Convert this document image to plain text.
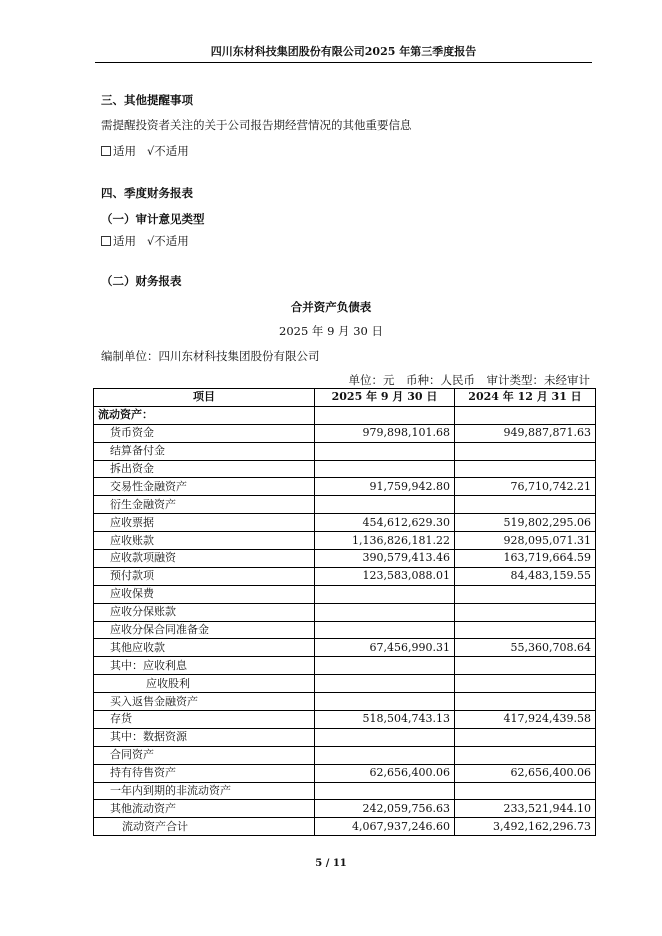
四川东材科技集团股份有限公司2025 年第三季度报告
三、其他提醒事项
需提醒投资者关注的关于公司报告期经营情况的其他重要信息
适用 √不适用
四、季度财务报表
（一）审计意见类型
适用 √不适用
（二）财务报表
合并资产负债表
2025 年 9 月 30 日
编制单位：四川东材科技集团股份有限公司
单位：元　币种：人民币　审计类型：未经审计
项目	2025 年 9 月 30 日	2024 年 12 月 31 日
流动资产：		
货币资金	979,898,101.68	949,887,871.63
结算备付金		
拆出资金		
交易性金融资产	91,759,942.80	76,710,742.21
衍生金融资产		
应收票据	454,612,629.30	519,802,295.06
应收账款	1,136,826,181.22	928,095,071.31
应收款项融资	390,579,413.46	163,719,664.59
预付款项	123,583,088.01	84,483,159.55
应收保费		
应收分保账款		
应收分保合同准备金		
其他应收款	67,456,990.31	55,360,708.64
其中：应收利息		
应收股利		
买入返售金融资产		
存货	518,504,743.13	417,924,439.58
其中：数据资源		
合同资产		
持有待售资产	62,656,400.06	62,656,400.06
一年内到期的非流动资产		
其他流动资产	242,059,756.63	233,521,944.10
流动资产合计	4,067,937,246.60	3,492,162,296.73
5 / 11
